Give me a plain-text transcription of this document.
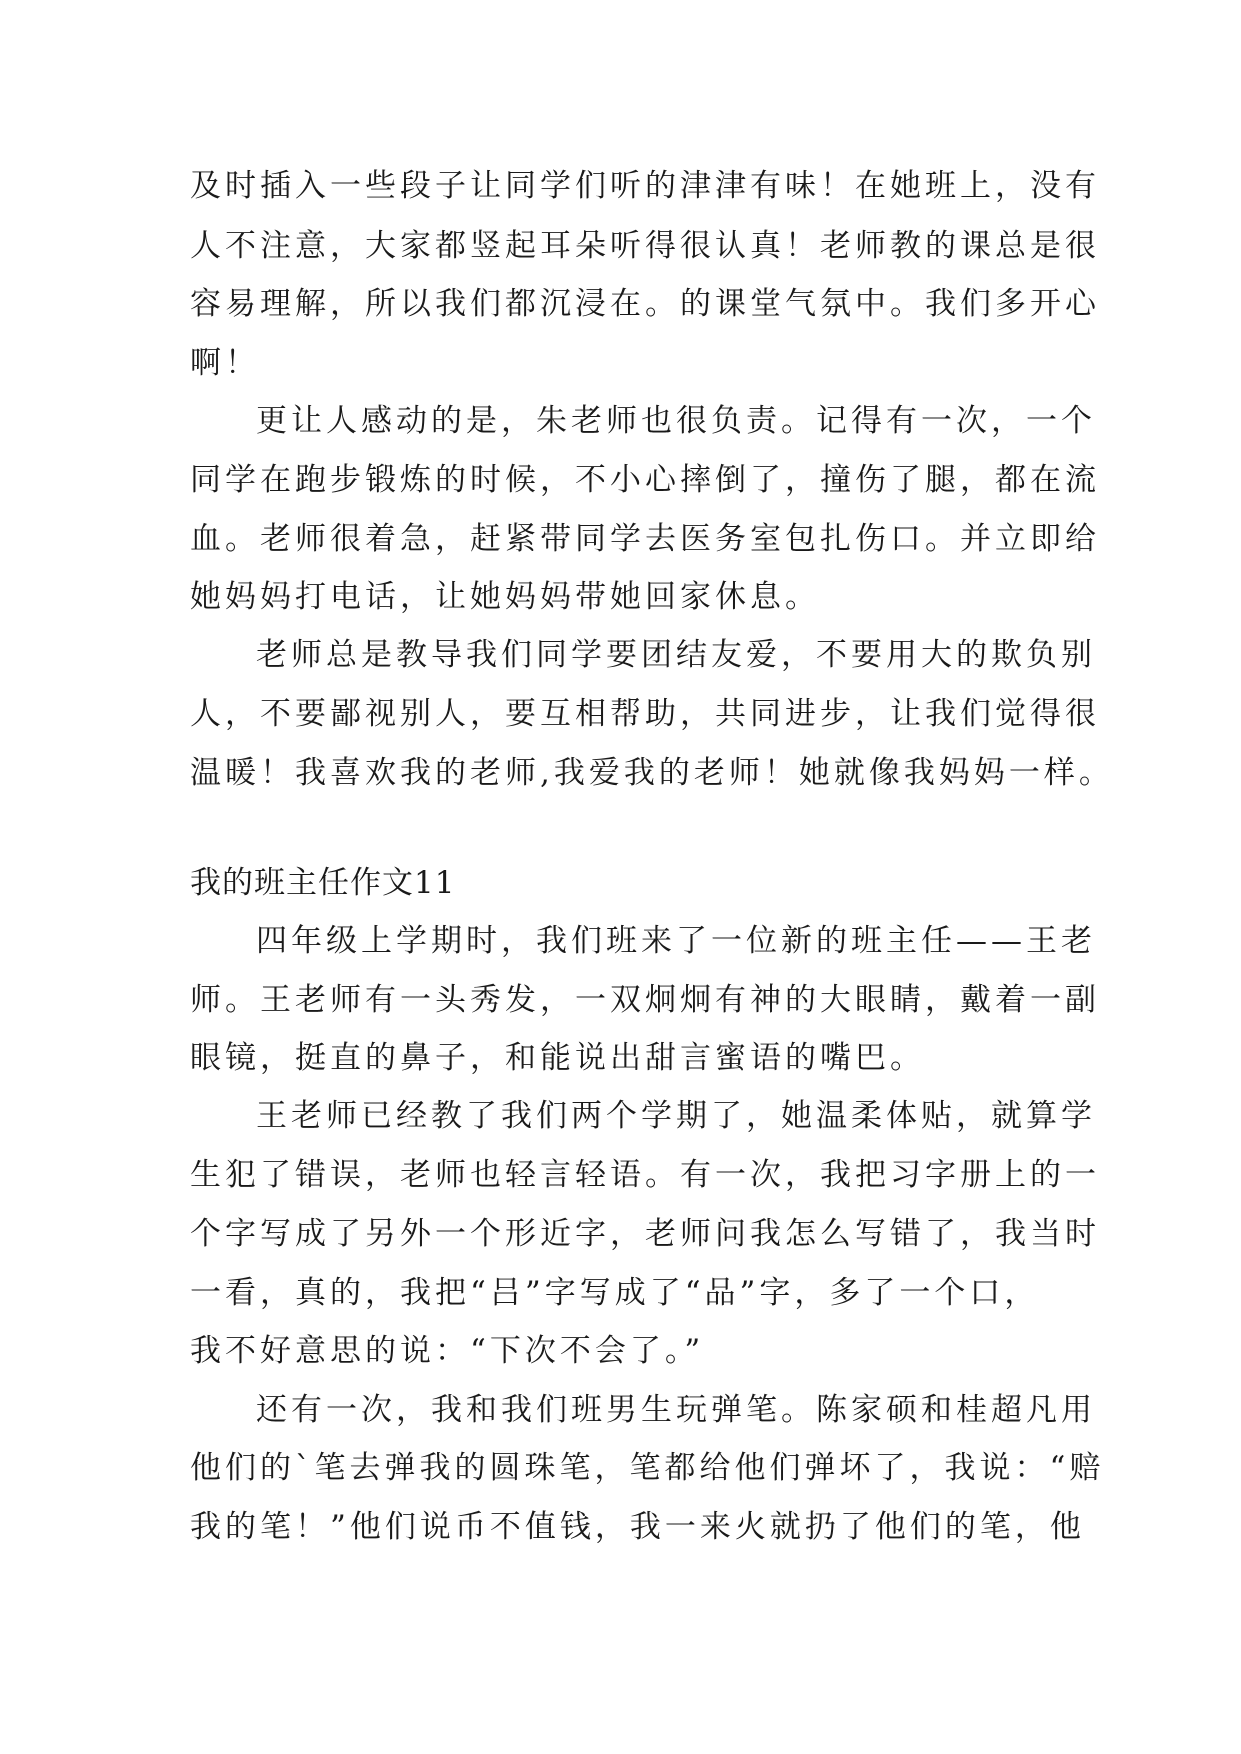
及时插入一些段子让同学们听的津津有味！在她班上，没有
人不注意，大家都竖起耳朵听得很认真！老师教的课总是很
容易理解，所以我们都沉浸在。的课堂气氛中。我们多开心
啊！
更让人感动的是，朱老师也很负责。记得有一次，一个
同学在跑步锻炼的时候，不小心摔倒了，撞伤了腿，都在流
血。老师很着急，赶紧带同学去医务室包扎伤口。并立即给
她妈妈打电话，让她妈妈带她回家休息。
老师总是教导我们同学要团结友爱，不要用大的欺负别
人，不要鄙视别人，要互相帮助，共同进步，让我们觉得很
温暖！我喜欢我的老师,我爱我的老师！她就像我妈妈一样。
我的班主任作文11
四年级上学期时，我们班来了一位新的班主任——王老
师。王老师有一头秀发，一双炯炯有神的大眼睛，戴着一副
眼镜，挺直的鼻子，和能说出甜言蜜语的嘴巴。
王老师已经教了我们两个学期了，她温柔体贴，就算学
生犯了错误，老师也轻言轻语。有一次，我把习字册上的一
个字写成了另外一个形近字，老师问我怎么写错了，我当时
一看，真的，我把“吕”字写成了“品”字，多了一个口，
我不好意思的说：“下次不会了。”
还有一次，我和我们班男生玩弹笔。陈家硕和桂超凡用
他们的`笔去弹我的圆珠笔，笔都给他们弹坏了，我说：“赔
我的笔！”他们说币不值钱，我一来火就扔了他们的笔，他
